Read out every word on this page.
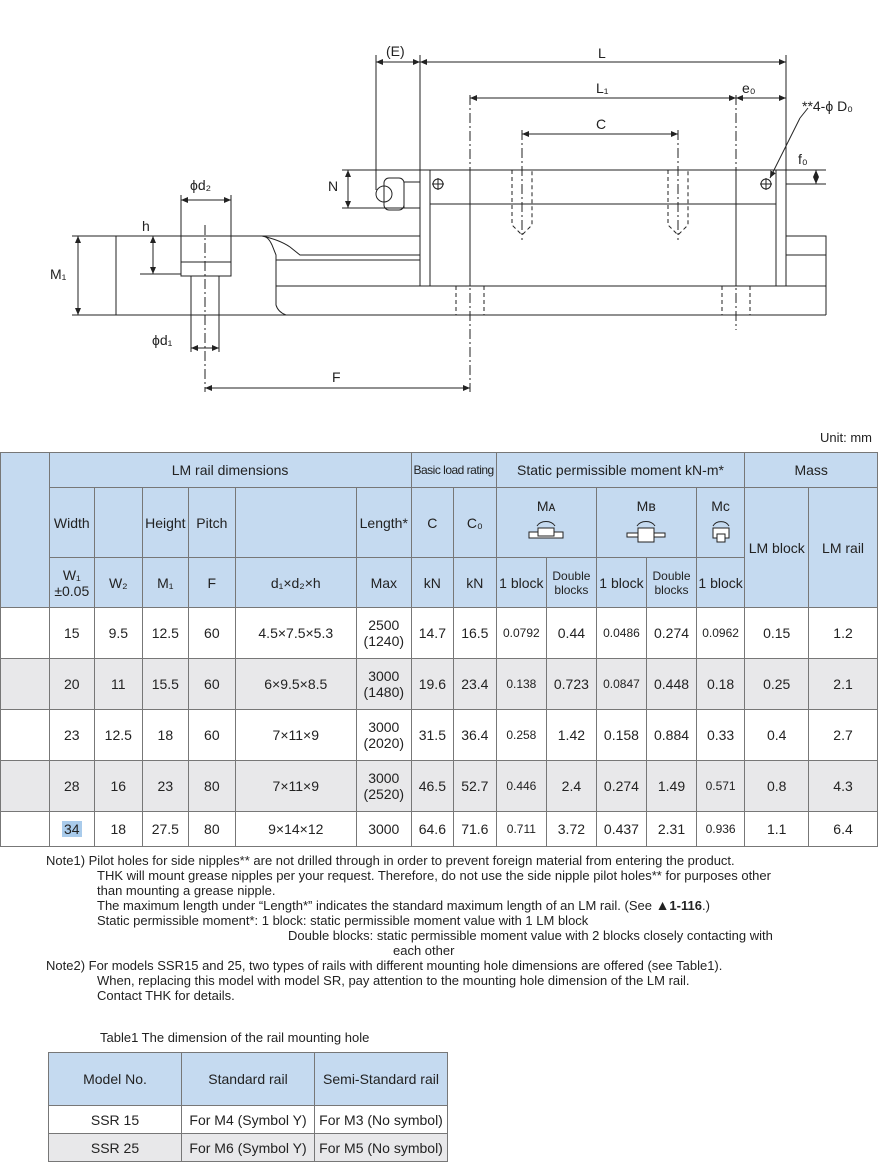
(E)	L
L₁	e₀
**4-ϕ D₀
C
f₀
N
ϕd₂
h
M₁
ϕd₁
F
Unit: mm
	LM rail dimensions						Basic load rating		Static permissible moment kN-m*					Mass	
	Width		Height	Pitch		Length*	C	C₀	Mᴀ		Mʙ		Mᴄ	LM block	LM rail

	W₁
±0.05	W₂	M₁	F	d₁×d₂×h	Max	kN	kN	1 block	Double blocks	1 block	Double blocks	1 block		
	15	9.5	12.5	60	4.5×7.5×5.3	2500
(1240)	14.7	16.5	0.0792	0.44	0.0486	0.274	0.0962	0.15	1.2
	20	11	15.5	60	6×9.5×8.5	3000
(1480)	19.6	23.4	0.138	0.723	0.0847	0.448	0.18	0.25	2.1
	23	12.5	18	60	7×11×9	3000
(2020)	31.5	36.4	0.258	1.42	0.158	0.884	0.33	0.4	2.7
	28	16	23	80	7×11×9	3000
(2520)	46.5	52.7	0.446	2.4	0.274	1.49	0.571	0.8	4.3
	34	18	27.5	80	9×14×12	3000	64.6	71.6	0.711	3.72	0.437	2.31	0.936	1.1	6.4
Note1) Pilot holes for side nipples** are not drilled through in order to prevent foreign material from entering the product.
THK will mount grease nipples per your request. Therefore, do not use the side nipple pilot holes** for purposes other
than mounting a grease nipple.
The maximum length under “Length*” indicates the standard maximum length of an LM rail. (See ▲1-116.)
Static permissible moment*: 1 block: static permissible moment value with 1 LM block
Double blocks: static permissible moment value with 2 blocks closely contacting with
each other
Note2) For models SSR15 and 25, two types of rails with different mounting hole dimensions are offered (see Table1).
When, replacing this model with model SR, pay attention to the mounting hole dimension of the LM rail.
Contact THK for details.
Table1 The dimension of the rail mounting hole
Model No.	Standard rail	Semi-Standard rail
SSR 15	For M4 (Symbol Y)	For M3 (No symbol)
SSR 25	For M6 (Symbol Y)	For M5 (No symbol)
